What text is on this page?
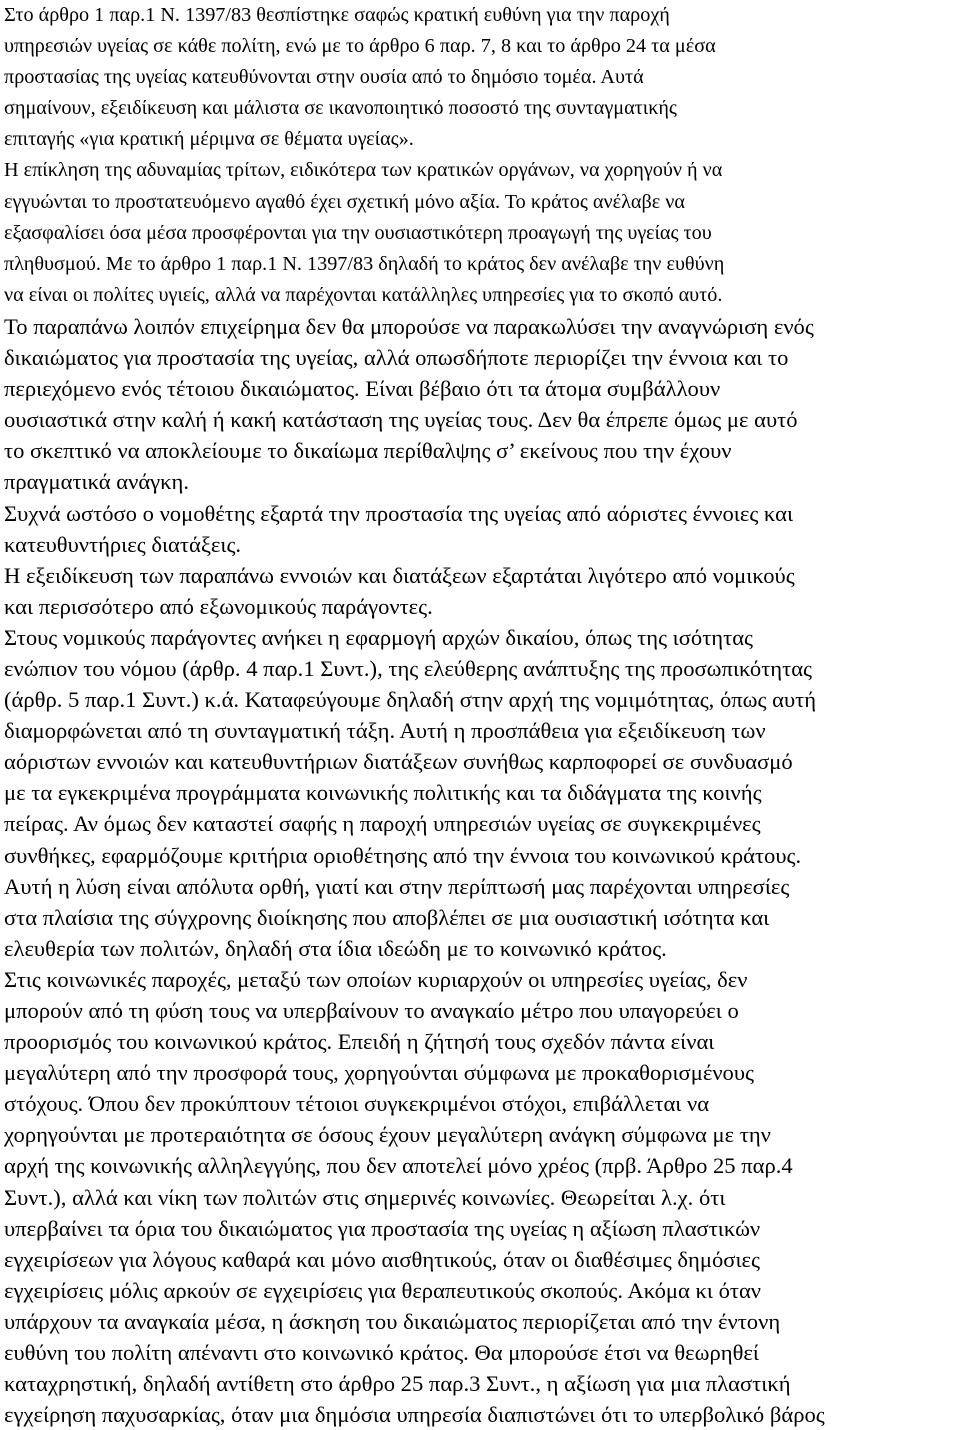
Στο άρθρο 1 παρ.1 Ν. 1397/83 θεσπίστηκε σαφώς κρατική ευθύνη για την παροχή
υπηρεσιών υγείας σε κάθε πολίτη, ενώ με το άρθρο 6 παρ. 7, 8 και το άρθρο 24 τα μέσα
προστασίας της υγείας κατευθύνονται στην ουσία από το δημόσιο τομέα. Αυτά
σημαίνουν, εξειδίκευση και μάλιστα σε ικανοποιητικό ποσοστό της συνταγματικής
επιταγής «για κρατική μέριμνα σε θέματα υγείας».
Η επίκληση της αδυναμίας τρίτων, ειδικότερα των κρατικών οργάνων, να χορηγούν ή να
εγγυώνται το προστατευόμενο αγαθό έχει σχετική μόνο αξία. Το κράτος ανέλαβε να
εξασφαλίσει όσα μέσα προσφέρονται για την ουσιαστικότερη προαγωγή της υγείας του
πληθυσμού. Με το άρθρο 1 παρ.1 Ν. 1397/83 δηλαδή το κράτος δεν ανέλαβε την ευθύνη
να είναι οι πολίτες υγιείς, αλλά να παρέχονται κατάλληλες υπηρεσίες για το σκοπό αυτό.
Το παραπάνω λοιπόν επιχείρημα δεν θα μπορούσε να παρακωλύσει την αναγνώριση ενός
δικαιώματος για προστασία της υγείας, αλλά οπωσδήποτε περιορίζει την έννοια και το
περιεχόμενο ενός τέτοιου δικαιώματος. Είναι βέβαιο ότι τα άτομα συμβάλλουν
ουσιαστικά στην καλή ή κακή κατάσταση της υγείας τους. Δεν θα έπρεπε όμως με αυτό
το σκεπτικό να αποκλείουμε το δικαίωμα περίθαλψης σ’ εκείνους που την έχουν
πραγματικά ανάγκη.
Συχνά ωστόσο ο νομοθέτης εξαρτά την προστασία της υγείας από αόριστες έννοιες και
κατευθυντήριες διατάξεις.
Η εξειδίκευση των παραπάνω εννοιών και διατάξεων εξαρτάται λιγότερο από νομικούς
και περισσότερο από εξωνομικούς παράγοντες.
Στους νομικούς παράγοντες ανήκει η εφαρμογή αρχών δικαίου, όπως της ισότητας
ενώπιον του νόμου (άρθρ. 4 παρ.1 Συντ.), της ελεύθερης ανάπτυξης της προσωπικότητας
(άρθρ. 5 παρ.1 Συντ.) κ.ά. Καταφεύγουμε δηλαδή στην αρχή της νομιμότητας, όπως αυτή
διαμορφώνεται από τη συνταγματική τάξη. Αυτή η προσπάθεια για εξειδίκευση των
αόριστων εννοιών και κατευθυντήριων διατάξεων συνήθως καρποφορεί σε συνδυασμό
με τα εγκεκριμένα προγράμματα κοινωνικής πολιτικής και τα διδάγματα της κοινής
πείρας. Αν όμως δεν καταστεί σαφής η παροχή υπηρεσιών υγείας σε συγκεκριμένες
συνθήκες, εφαρμόζουμε κριτήρια οριοθέτησης από την έννοια του κοινωνικού κράτους.
Αυτή η λύση είναι απόλυτα ορθή, γιατί και στην περίπτωσή μας παρέχονται υπηρεσίες
στα πλαίσια της σύγχρονης διοίκησης που αποβλέπει σε μια ουσιαστική ισότητα και
ελευθερία των πολιτών, δηλαδή στα ίδια ιδεώδη με το κοινωνικό κράτος.
Στις κοινωνικές παροχές, μεταξύ των οποίων κυριαρχούν οι υπηρεσίες υγείας, δεν
μπορούν από τη φύση τους να υπερβαίνουν το αναγκαίο μέτρο που υπαγορεύει ο
προορισμός του κοινωνικού κράτος. Επειδή η ζήτησή τους σχεδόν πάντα είναι
μεγαλύτερη από την προσφορά τους, χορηγούνται σύμφωνα με προκαθορισμένους
στόχους. Όπου δεν προκύπτουν τέτοιοι συγκεκριμένοι στόχοι, επιβάλλεται να
χορηγούνται με προτεραιότητα σε όσους έχουν μεγαλύτερη ανάγκη σύμφωνα με την
αρχή της κοινωνικής αλληλεγγύης, που δεν αποτελεί μόνο χρέος (πρβ. Άρθρο 25 παρ.4
Συντ.), αλλά και νίκη των πολιτών στις σημερινές κοινωνίες. Θεωρείται λ.χ. ότι
υπερβαίνει τα όρια του δικαιώματος για προστασία της υγείας η αξίωση πλαστικών
εγχειρίσεων για λόγους καθαρά και μόνο αισθητικούς, όταν οι διαθέσιμες δημόσιες
εγχειρίσεις μόλις αρκούν σε εγχειρίσεις για θεραπευτικούς σκοπούς. Ακόμα κι όταν
υπάρχουν τα αναγκαία μέσα, η άσκηση του δικαιώματος περιορίζεται από την έντονη
ευθύνη του πολίτη απέναντι στο κοινωνικό κράτος. Θα μπορούσε έτσι να θεωρηθεί
καταχρηστική, δηλαδή αντίθετη στο άρθρο 25 παρ.3 Συντ., η αξίωση για μια πλαστική
εγχείρηση παχυσαρκίας, όταν μια δημόσια υπηρεσία διαπιστώνει ότι το υπερβολικό βάρος
